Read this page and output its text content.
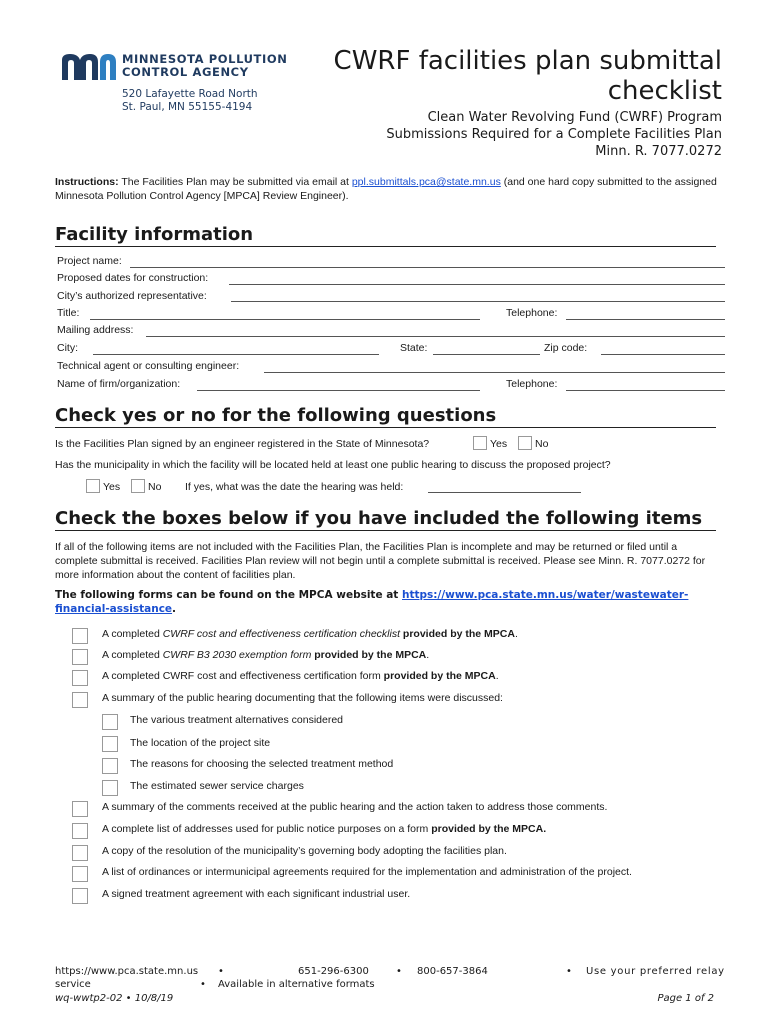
MINNESOTA POLLUTION
CONTROL AGENCY
520 Lafayette Road North
St. Paul, MN 55155-4194
CWRF facilities plan submittal
checklist
Clean Water Revolving Fund (CWRF) Program
Submissions Required for a Complete Facilities Plan
Minn. R. 7077.0272
Instructions: The Facilities Plan may be submitted via email at ppl.submittals.pca@state.mn.us (and one hard copy submitted to the assigned Minnesota Pollution Control Agency [MPCA] Review Engineer).
Facility information
Project name:
Proposed dates for construction:
City’s authorized representative:
Title:	Telephone:
Mailing address:
City:	State:	Zip code:
Technical agent or consulting engineer:
Name of firm/organization:	Telephone:
Check yes or no for the following questions
Is the Facilities Plan signed by an engineer registered in the State of Minnesota?	Yes	No
Has the municipality in which the facility will be located held at least one public hearing to discuss the proposed project?
Yes	No If yes, what was the date the hearing was held:
Check the boxes below if you have included the following items
If all of the following items are not included with the Facilities Plan, the Facilities Plan is incomplete and may be returned or filed until a complete submittal is received. Facilities Plan review will not begin until a complete submittal is received. Please see Minn. R. 7077.0272 for more information about the content of facilities plan.
The following forms can be found on the MPCA website at https://www.pca.state.mn.us/water/wastewater-
financial-assistance.
A completed CWRF cost and effectiveness certification checklist provided by the MPCA.
A completed CWRF B3 2030 exemption form provided by the MPCA.
A completed CWRF cost and effectiveness certification form provided by the MPCA.
A summary of the public hearing documenting that the following items were discussed:
The various treatment alternatives considered
The location of the project site
The reasons for choosing the selected treatment method
The estimated sewer service charges
A summary of the comments received at the public hearing and the action taken to address those comments.
A complete list of addresses used for public notice purposes on a form provided by the MPCA.
A copy of the resolution of the municipality’s governing body adopting the facilities plan.
A list of ordinances or intermunicipal agreements required for the implementation and administration of the project.
A signed treatment agreement with each significant industrial user.
https://www.pca.state.mn.us •	651-296-6300	• 800-657-3864	• Use your preferred relay
service	• Available in alternative formats
wq-wwtp2-02 • 10/8/19	Page 1 of 2
